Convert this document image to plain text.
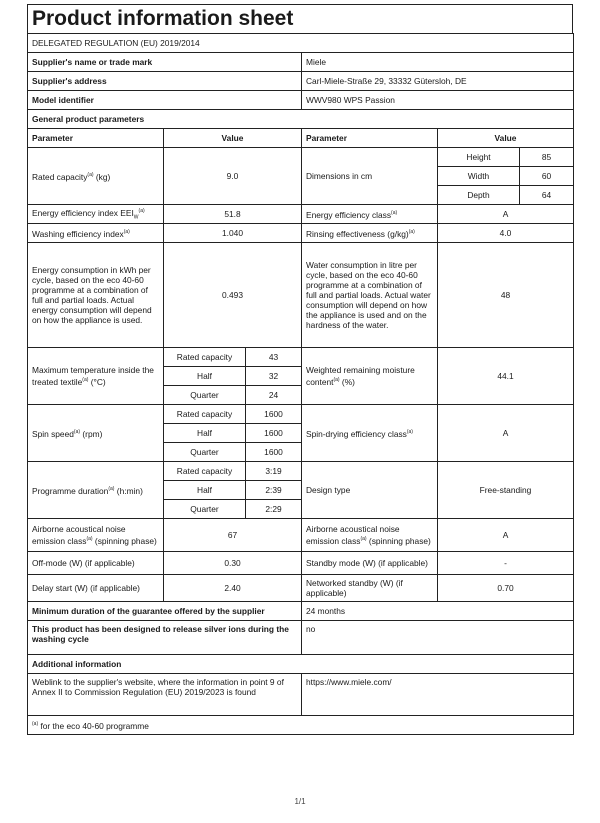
Product information sheet
DELEGATED REGULATION (EU) 2019/2014					
Supplier's name or trade mark			Miele		
Supplier's address			Carl-Miele-Straße 29, 33332 Gütersloh, DE		
Model identifier			WWV980 WPS Passion		
General product parameters					
Parameter	Value		Parameter	Value	
Rated capacity$^{(a)}$ (kg)	9.0		Dimensions in cm	Height	85
				Width	60
				Depth	64
Energy efficiency index $EEI_W^{(a)}$	51.8		Energy efficiency class$^{(a)}$	A	
Washing efficiency index$^{(a)}$	1.040		Rinsing effectiveness $(g/kg)^{(a)}$	4.0	
Energy consumption in kWh per cycle, based on the eco 40-60 programme at a combination of full and partial loads. Actual energy consumption will depend on how the appliance is used.	0.493		Water consumption in litre per cycle, based on the eco 40-60 programme at a combination of full and partial loads. Actual water consumption will depend on how the appliance is used and on the hardness of the water.	48	
Maximum temperature inside the treated textile$^{(a)}$ (°C)	Rated capacity	43	Weighted remaining moisture content$^{(a)}$ (%)	44.1	
	Half	32			
	Quarter	24			
Spin speed$^{(a)}$ (rpm)	Rated capacity	1600	Spin-drying efficiency class$^{(a)}$	A	
	Half	1600			
	Quarter	1600			
Programme duration$^{(a)}$ (h:min)	Rated capacity	3:19	Design type	Free-standing	
	Half	2:39			
	Quarter	2:29			
Airborne acoustical noise emission class$^{(a)}$ (spinning phase)	67		Airborne acoustical noise emission class$^{(a)}$ (spinning phase)	A	
Off-mode (W) (if applicable)	0.30		Standby mode (W) (if applicable)	-	
Delay start (W) (if applicable)	2.40		Networked standby (W) (if applicable)	0.70	
Minimum duration of the guarantee offered by the supplier			24 months		
This product has been designed to release silver ions during the washing cycle			no		
Additional information					
Weblink to the supplier's website, where the information in point 9 of Annex II to Commission Regulation (EU) 2019/2023 is found			https://www.miele.com/		
$^{(a)}$ for the eco 40-60 programme					
1/1
